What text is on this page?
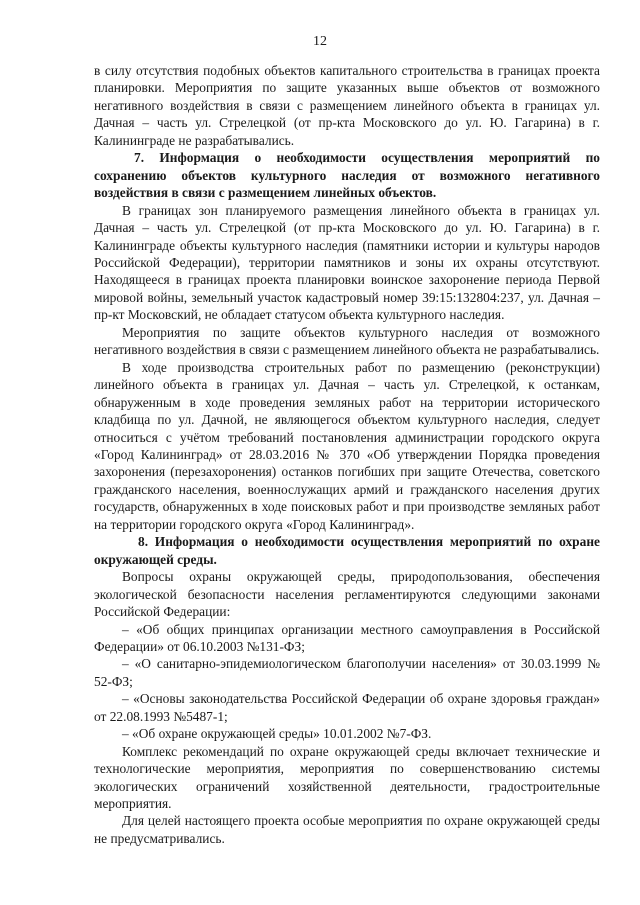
12

в силу отсутствия подобных объектов капитального строительства в границах проекта планировки. Мероприятия по защите указанных выше объектов от возможного негативного воздействия в связи с размещением линейного объекта в границах ул. Дачная – часть ул. Стрелецкой (от пр-кта Московского до ул. Ю. Гагарина) в г. Калининграде не разрабатывались.

7. Информация о необходимости осуществления мероприятий по сохранению объектов культурного наследия от возможного негативного воздействия в связи с размещением линейных объектов.

В границах зон планируемого размещения линейного объекта в границах ул. Дачная – часть ул. Стрелецкой (от пр-кта Московского до ул. Ю. Гагарина) в г. Калининграде объекты культурного наследия (памятники истории и культуры народов Российской Федерации), территории памятников и зоны их охраны отсутствуют. Находящееся в границах проекта планировки воинское захоронение периода Первой мировой войны, земельный участок кадастровый номер 39:15:132804:237, ул. Дачная – пр-кт Московский, не обладает статусом объекта культурного наследия.

Мероприятия по защите объектов культурного наследия от возможного негативного воздействия в связи с размещением линейного объекта не разрабатывались.

В ходе производства строительных работ по размещению (реконструкции) линейного объекта в границах ул. Дачная – часть ул. Стрелецкой, к останкам, обнаруженным в ходе проведения земляных работ на территории исторического кладбища по ул. Дачной, не являющегося объектом культурного наследия, следует относиться с учётом требований постановления администрации городского округа «Город Калининград» от 28.03.2016 № 370 «Об утверждении Порядка проведения захоронения (перезахоронения) останков погибших при защите Отечества, советского гражданского населения, военнослужащих армий и гражданского населения других государств, обнаруженных в ходе поисковых работ и при производстве земляных работ на территории городского округа «Город Калининград».

8. Информация о необходимости осуществления мероприятий по охране окружающей среды.

Вопросы охраны окружающей среды, природопользования, обеспечения экологической безопасности населения регламентируются следующими законами Российской Федерации:

– «Об общих принципах организации местного самоуправления в Российской Федерации» от 06.10.2003 №131-ФЗ;

– «О санитарно-эпидемиологическом благополучии населения» от 30.03.1999 № 52-ФЗ;

– «Основы законодательства Российской Федерации об охране здоровья граждан» от 22.08.1993 №5487-1;

– «Об охране окружающей среды» 10.01.2002 №7-ФЗ.

Комплекс рекомендаций по охране окружающей среды включает технические и технологические мероприятия, мероприятия по совершенствованию системы экологических ограничений хозяйственной деятельности, градостроительные мероприятия.

Для целей настоящего проекта особые мероприятия по охране окружающей среды не предусматривались.
